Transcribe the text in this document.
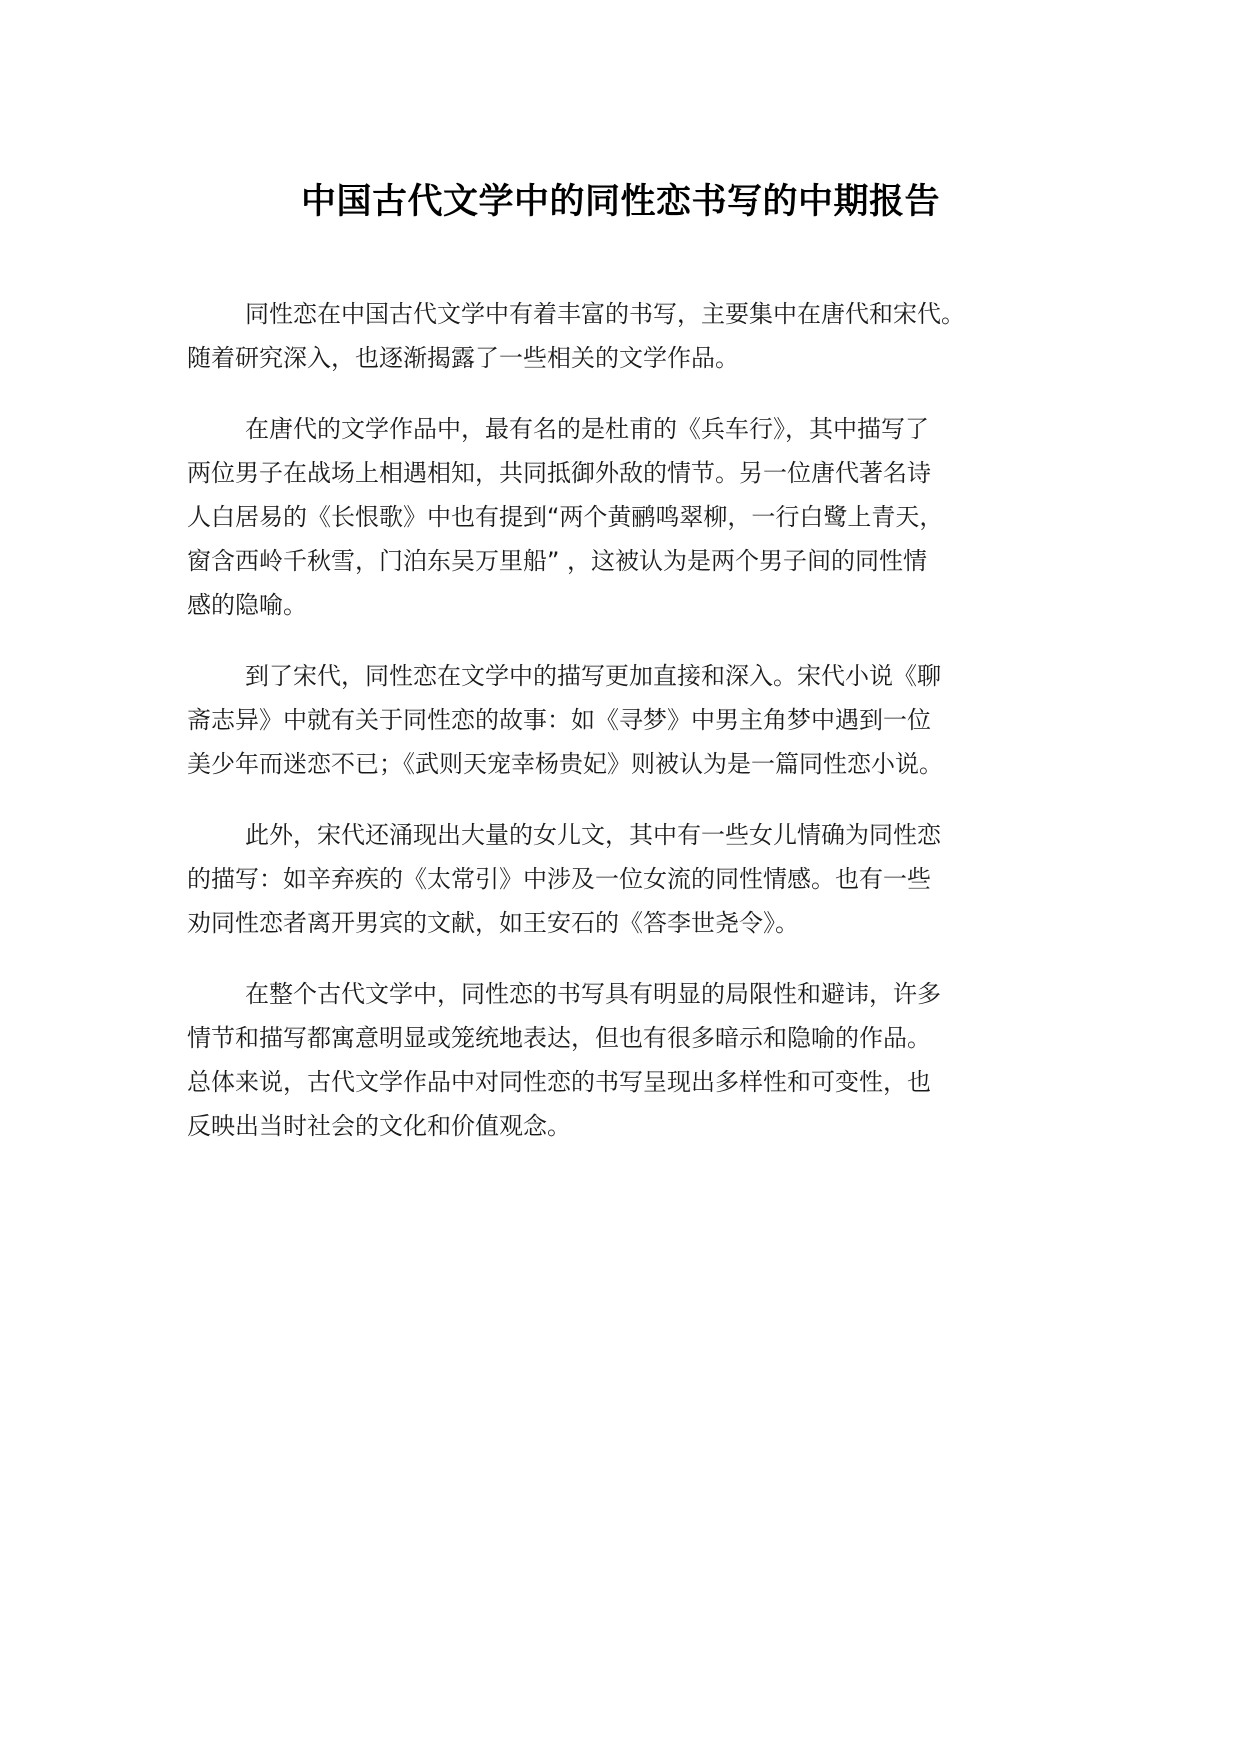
中国古代文学中的同性恋书写的中期报告

同性恋在中国古代文学中有着丰富的书写，主要集中在唐代和宋代。
随着研究深入，也逐渐揭露了一些相关的文学作品。

在唐代的文学作品中，最有名的是杜甫的《兵车行》，其中描写了
两位男子在战场上相遇相知，共同抵御外敌的情节。另一位唐代著名诗
人白居易的《长恨歌》中也有提到“两个黄鹂鸣翠柳，一行白鹭上青天，
窗含西岭千秋雪，门泊东吴万里船” ，这被认为是两个男子间的同性情
感的隐喻。

到了宋代，同性恋在文学中的描写更加直接和深入。宋代小说《聊
斋志异》中就有关于同性恋的故事：如《寻梦》中男主角梦中遇到一位
美少年而迷恋不已；《武则天宠幸杨贵妃》则被认为是一篇同性恋小说。

此外，宋代还涌现出大量的女儿文，其中有一些女儿情确为同性恋
的描写：如辛弃疾的《太常引》中涉及一位女流的同性情感。也有一些
劝同性恋者离开男宾的文献，如王安石的《答李世尧令》。

在整个古代文学中，同性恋的书写具有明显的局限性和避讳，许多
情节和描写都寓意明显或笼统地表达，但也有很多暗示和隐喻的作品。
总体来说，古代文学作品中对同性恋的书写呈现出多样性和可变性，也
反映出当时社会的文化和价值观念。
